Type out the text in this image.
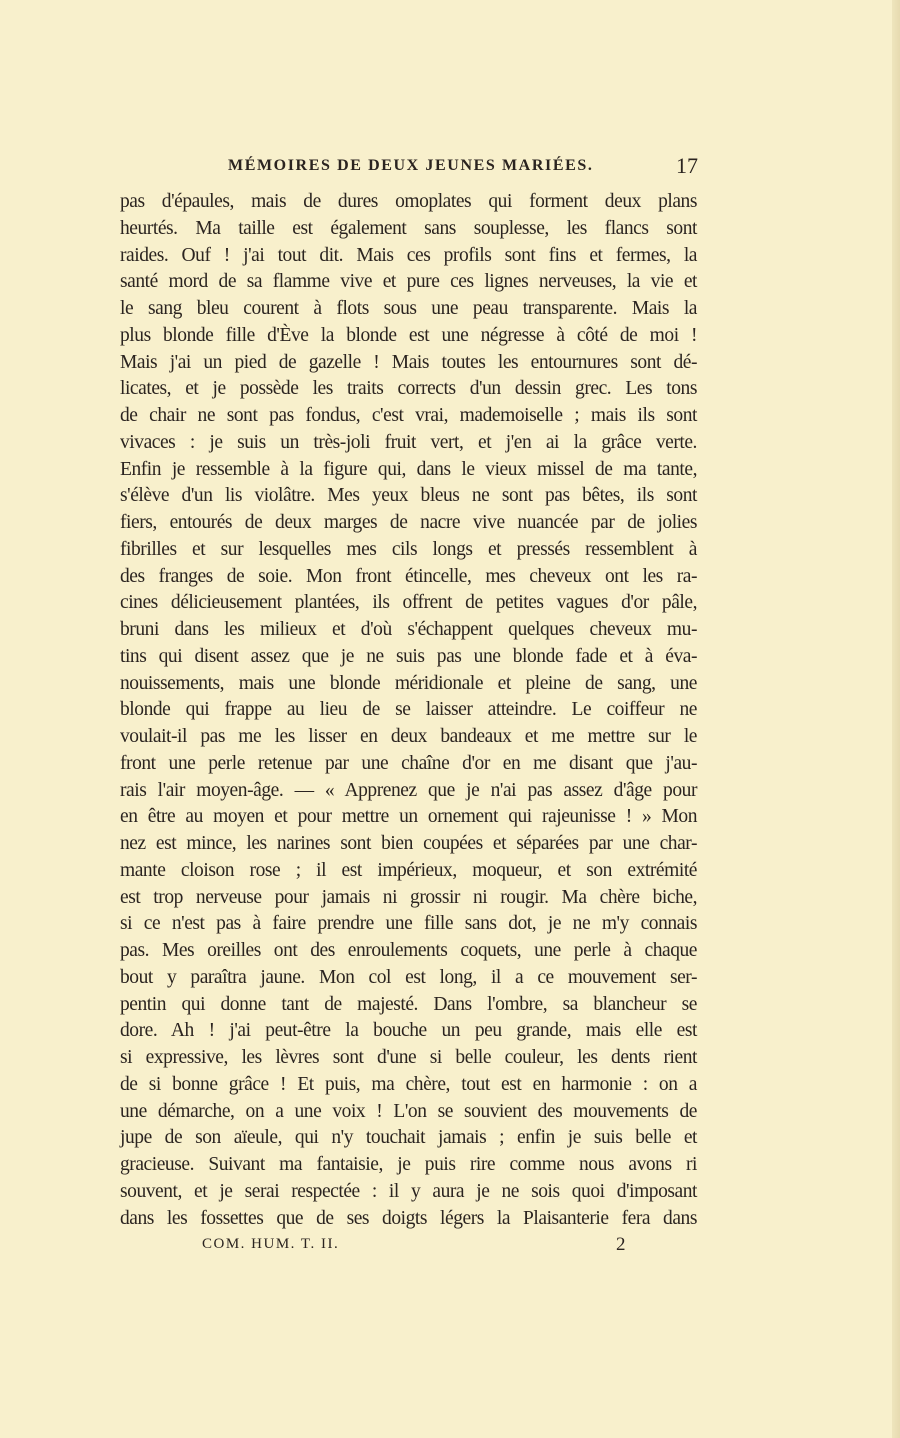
MÉMOIRES DE DEUX JEUNES MARIÉES.	17
pas d'épaules, mais de dures omoplates qui forment deux plans
heurtés. Ma taille est également sans souplesse, les flancs sont
raides. Ouf ! j'ai tout dit. Mais ces profils sont fins et fermes, la
santé mord de sa flamme vive et pure ces lignes nerveuses, la vie et
le sang bleu courent à flots sous une peau transparente. Mais la
plus blonde fille d'Ève la blonde est une négresse à côté de moi !
Mais j'ai un pied de gazelle ! Mais toutes les entournures sont dé-
licates, et je possède les traits corrects d'un dessin grec. Les tons
de chair ne sont pas fondus, c'est vrai, mademoiselle ; mais ils sont
vivaces : je suis un très-joli fruit vert, et j'en ai la grâce verte.
Enfin je ressemble à la figure qui, dans le vieux missel de ma tante,
s'élève d'un lis violâtre. Mes yeux bleus ne sont pas bêtes, ils sont
fiers, entourés de deux marges de nacre vive nuancée par de jolies
fibrilles et sur lesquelles mes cils longs et pressés ressemblent à
des franges de soie. Mon front étincelle, mes cheveux ont les ra-
cines délicieusement plantées, ils offrent de petites vagues d'or pâle,
bruni dans les milieux et d'où s'échappent quelques cheveux mu-
tins qui disent assez que je ne suis pas une blonde fade et à éva-
nouissements, mais une blonde méridionale et pleine de sang, une
blonde qui frappe au lieu de se laisser atteindre. Le coiffeur ne
voulait-il pas me les lisser en deux bandeaux et me mettre sur le
front une perle retenue par une chaîne d'or en me disant que j'au-
rais l'air moyen-âge. — « Apprenez que je n'ai pas assez d'âge pour
en être au moyen et pour mettre un ornement qui rajeunisse ! » Mon
nez est mince, les narines sont bien coupées et séparées par une char-
mante cloison rose ; il est impérieux, moqueur, et son extrémité
est trop nerveuse pour jamais ni grossir ni rougir. Ma chère biche,
si ce n'est pas à faire prendre une fille sans dot, je ne m'y connais
pas. Mes oreilles ont des enroulements coquets, une perle à chaque
bout y paraîtra jaune. Mon col est long, il a ce mouvement ser-
pentin qui donne tant de majesté. Dans l'ombre, sa blancheur se
dore. Ah ! j'ai peut-être la bouche un peu grande, mais elle est
si expressive, les lèvres sont d'une si belle couleur, les dents rient
de si bonne grâce ! Et puis, ma chère, tout est en harmonie : on a
une démarche, on a une voix ! L'on se souvient des mouvements de
jupe de son aïeule, qui n'y touchait jamais ; enfin je suis belle et
gracieuse. Suivant ma fantaisie, je puis rire comme nous avons ri
souvent, et je serai respectée : il y aura je ne sois quoi d'imposant
dans les fossettes que de ses doigts légers la Plaisanterie fera dans
COM. HUM. T. II.	2
